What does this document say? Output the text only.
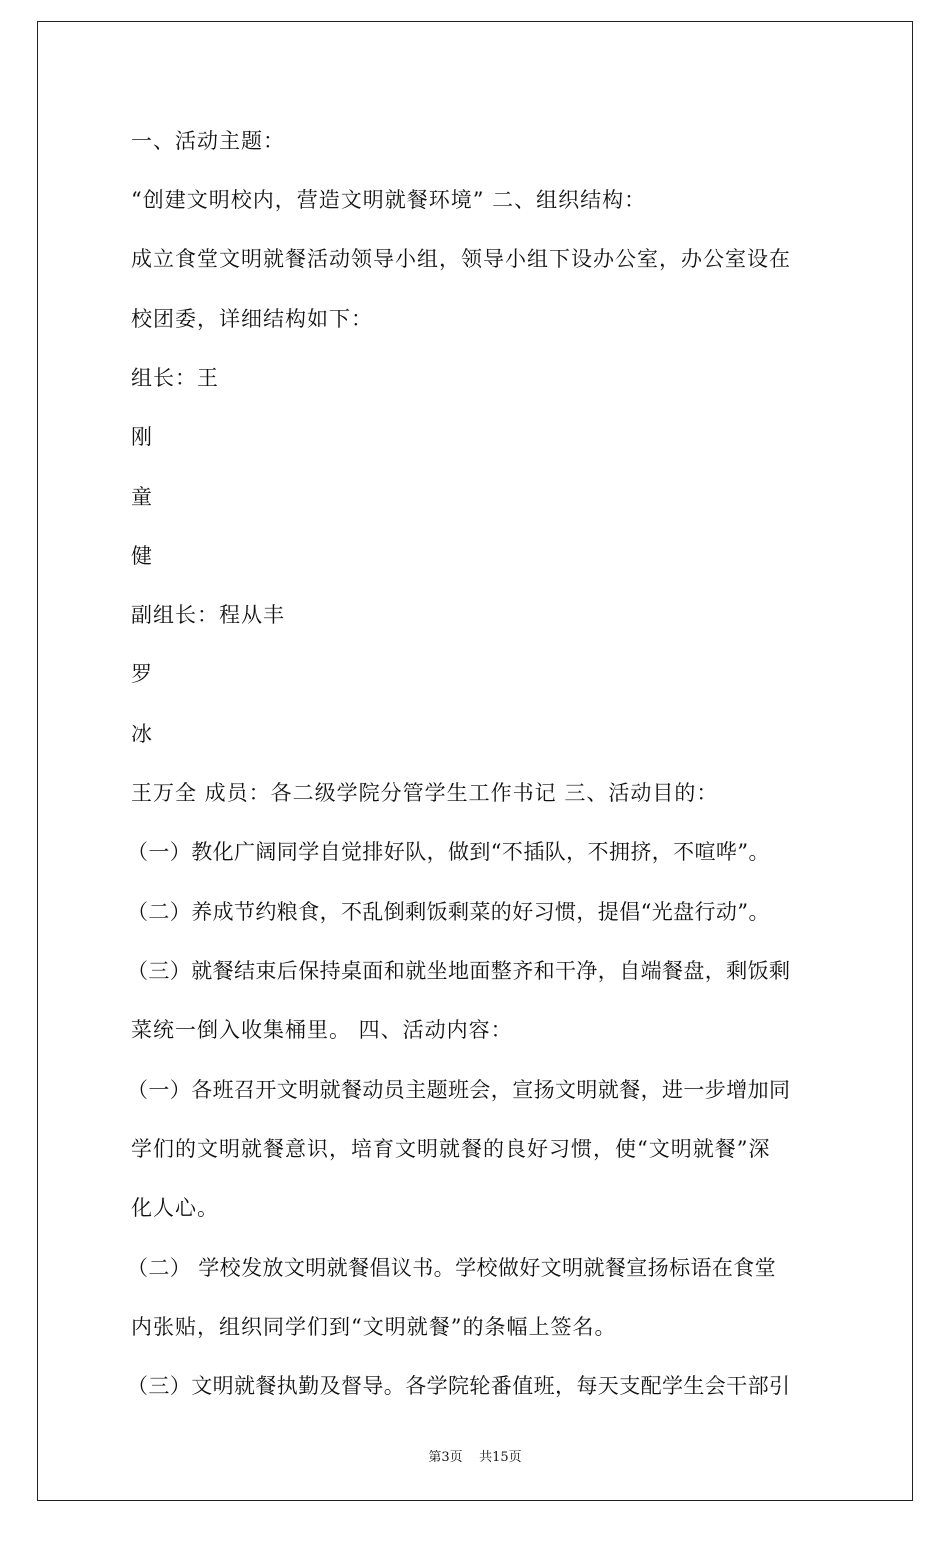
一、活动主题：
“创建文明校内，营造文明就餐环境” 二、组织结构：
成立食堂文明就餐活动领导小组，领导小组下设办公室，办公室设在
校团委，详细结构如下：
组长：王
刚
童
健
副组长：程从丰
罗
冰
王万全 成员：各二级学院分管学生工作书记 三、活动目的：
（一）教化广阔同学自觉排好队，做到“不插队，不拥挤，不喧哗”。
（二）养成节约粮食，不乱倒剩饭剩菜的好习惯，提倡“光盘行动”。
（三）就餐结束后保持桌面和就坐地面整齐和干净，自端餐盘，剩饭剩
菜统一倒入收集桶里。 四、活动内容：
（一）各班召开文明就餐动员主题班会，宣扬文明就餐，进一步增加同
学们的文明就餐意识，培育文明就餐的良好习惯，使“文明就餐”深
化人心。
（二） 学校发放文明就餐倡议书。学校做好文明就餐宣扬标语在食堂
内张贴，组织同学们到“文明就餐”的条幅上签名。
（三）文明就餐执勤及督导。各学院轮番值班，每天支配学生会干部引
第3页    共15页
